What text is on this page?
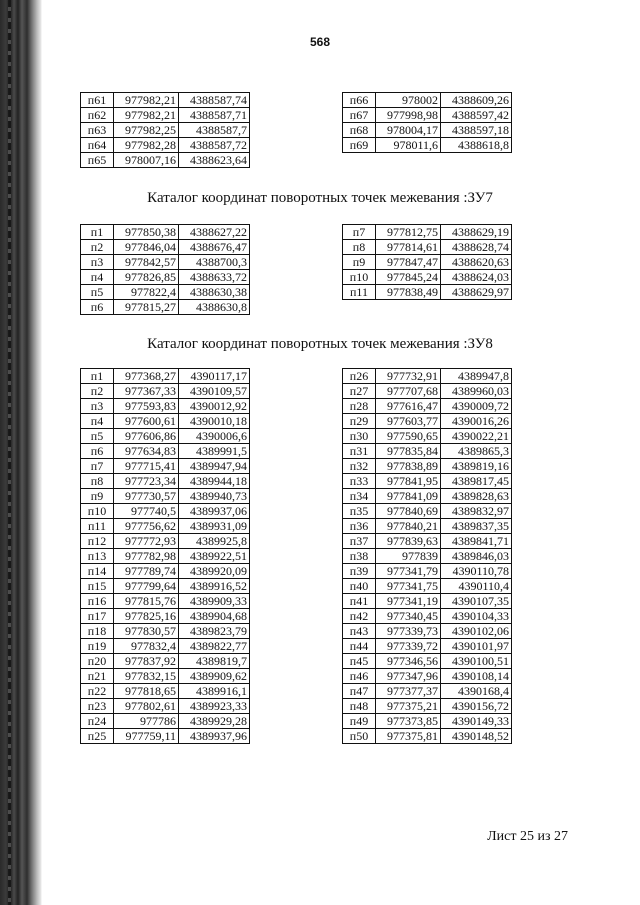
568
п61	977982,21	4388587,74
п62	977982,21	4388587,71
п63	977982,25	4388587,7
п64	977982,28	4388587,72
п65	978007,16	4388623,64
п66	978002	4388609,26
п67	977998,98	4388597,42
п68	978004,17	4388597,18
п69	978011,6	4388618,8
Каталог координат поворотных точек межевания :ЗУ7
п1	977850,38	4388627,22
п2	977846,04	4388676,47
п3	977842,57	4388700,3
п4	977826,85	4388633,72
п5	977822,4	4388630,38
п6	977815,27	4388630,8
п7	977812,75	4388629,19
п8	977814,61	4388628,74
п9	977847,47	4388620,63
п10	977845,24	4388624,03
п11	977838,49	4388629,97
Каталог координат поворотных точек межевания :ЗУ8
п1	977368,27	4390117,17
п2	977367,33	4390109,57
п3	977593,83	4390012,92
п4	977600,61	4390010,18
п5	977606,86	4390006,6
п6	977634,83	4389991,5
п7	977715,41	4389947,94
п8	977723,34	4389944,18
п9	977730,57	4389940,73
п10	977740,5	4389937,06
п11	977756,62	4389931,09
п12	977772,93	4389925,8
п13	977782,98	4389922,51
п14	977789,74	4389920,09
п15	977799,64	4389916,52
п16	977815,76	4389909,33
п17	977825,16	4389904,68
п18	977830,57	4389823,79
п19	977832,4	4389822,77
п20	977837,92	4389819,7
п21	977832,15	4389909,62
п22	977818,65	4389916,1
п23	977802,61	4389923,33
п24	977786	4389929,28
п25	977759,11	4389937,96
п26	977732,91	4389947,8
п27	977707,68	4389960,03
п28	977616,47	4390009,72
п29	977603,77	4390016,26
п30	977590,65	4390022,21
п31	977835,84	4389865,3
п32	977838,89	4389819,16
п33	977841,95	4389817,45
п34	977841,09	4389828,63
п35	977840,69	4389832,97
п36	977840,21	4389837,35
п37	977839,63	4389841,71
п38	977839	4389846,03
п39	977341,79	4390110,78
п40	977341,75	4390110,4
п41	977341,19	4390107,35
п42	977340,45	4390104,33
п43	977339,73	4390102,06
п44	977339,72	4390101,97
п45	977346,56	4390100,51
п46	977347,96	4390108,14
п47	977377,37	4390168,4
п48	977375,21	4390156,72
п49	977373,85	4390149,33
п50	977375,81	4390148,52
Лист 25 из 27
